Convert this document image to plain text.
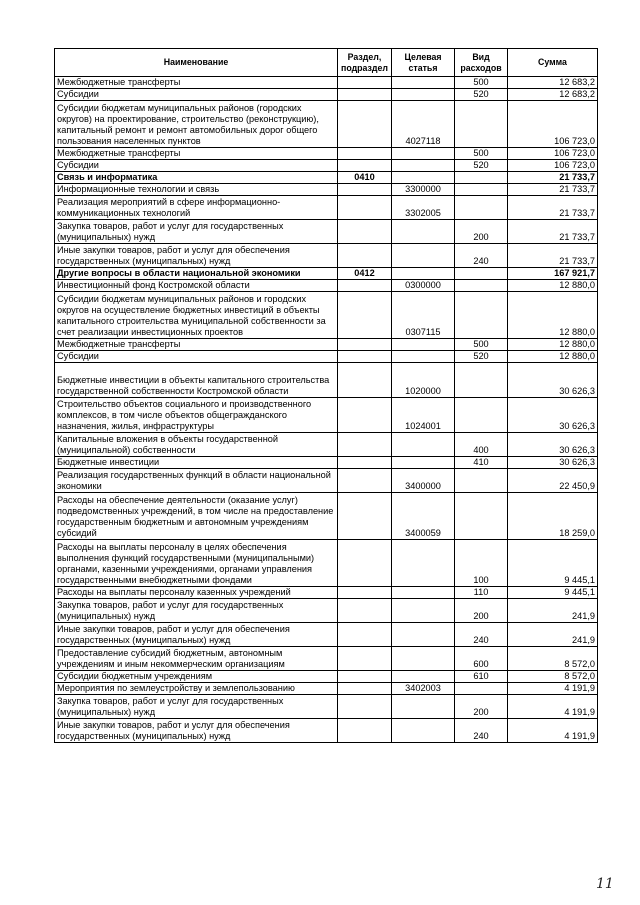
Наименование	Раздел, подраздел	Целевая статья	Вид расходов	Сумма
Межбюджетные трансферты			500	12 683,2
Субсидии			520	12 683,2
Субсидии бюджетам муниципальных районов (городских округов) на проектирование, строительство (реконструкцию), капитальный ремонт и ремонт автомобильных дорог общего пользования населенных пунктов		4027118		106 723,0
Межбюджетные трансферты			500	106 723,0
Субсидии			520	106 723,0
Связь и информатика	0410			21 733,7
Информационные технологии и связь		3300000		21 733,7
Реализация мероприятий в сфере информационно-коммуникационных технологий		3302005		21 733,7
Закупка товаров, работ и услуг для государственных (муниципальных) нужд			200	21 733,7
Иные закупки товаров, работ и услуг для обеспечения государственных (муниципальных) нужд			240	21 733,7
Другие вопросы в области национальной экономики	0412			167 921,7
Инвестиционный фонд Костромской области		0300000		12 880,0
Субсидии бюджетам муниципальных районов и городских округов на осуществление бюджетных инвестиций в объекты капитального строительства муниципальной собственности за счет реализации инвестиционных проектов		0307115		12 880,0
Межбюджетные трансферты			500	12 880,0
Субсидии			520	12 880,0
Бюджетные инвестиции в объекты капитального строительства государственной собственности Костромской области		1020000		30 626,3
Строительство объектов социального и производственного комплексов, в том числе объектов общегражданского назначения, жилья, инфраструктуры		1024001		30 626,3
Капитальные вложения в объекты государственной (муниципальной) собственности			400	30 626,3
Бюджетные инвестиции			410	30 626,3
Реализация государственных функций в области национальной экономики		3400000		22 450,9
Расходы на обеспечение деятельности (оказание услуг) подведомственных учреждений, в том числе на предоставление государственным бюджетным и автономным учреждениям субсидий		3400059		18 259,0
Расходы на выплаты персоналу в целях обеспечения выполнения функций государственными (муниципальными) органами, казенными учреждениями, органами управления государственными внебюджетными фондами			100	9 445,1
Расходы на выплаты персоналу казенных учреждений			110	9 445,1
Закупка товаров, работ и услуг для государственных (муниципальных) нужд			200	241,9
Иные закупки товаров, работ и услуг для обеспечения государственных (муниципальных) нужд			240	241,9
Предоставление субсидий бюджетным, автономным учреждениям и иным некоммерческим организациям			600	8 572,0
Субсидии бюджетным учреждениям			610	8 572,0
Мероприятия по землеустройству и землепользованию		3402003		4 191,9
Закупка товаров, работ и услуг для государственных (муниципальных) нужд			200	4 191,9
Иные закупки товаров, работ и услуг для обеспечения государственных (муниципальных) нужд			240	4 191,9
11
